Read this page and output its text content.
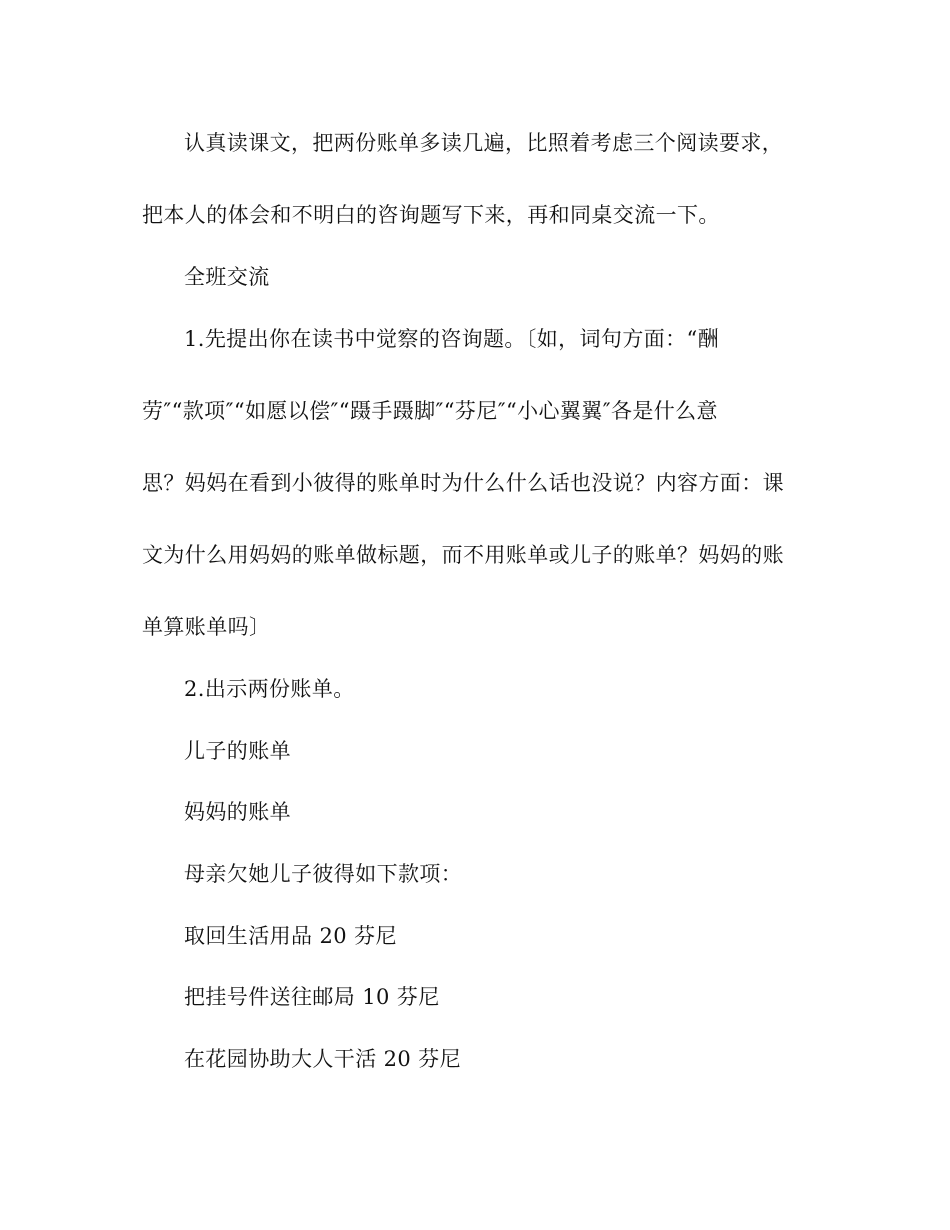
认真读课文，把两份账单多读几遍，比照着考虑三个阅读要求，
把本人的体会和不明白的咨询题写下来，再和同桌交流一下。
全班交流
1.先提出你在读书中觉察的咨询题。〔如，词句方面：“酬
劳″“款项″“如愿以偿″“蹑手蹑脚″“芬尼″“小心翼翼″各是什么意
思？妈妈在看到小彼得的账单时为什么什么话也没说？内容方面：课
文为什么用妈妈的账单做标题，而不用账单或儿子的账单？妈妈的账
单算账单吗〕
2.出示两份账单。
儿子的账单
妈妈的账单
母亲欠她儿子彼得如下款项：
取回生活用品 20 芬尼
把挂号件送往邮局 10 芬尼
在花园协助大人干活 20 芬尼
